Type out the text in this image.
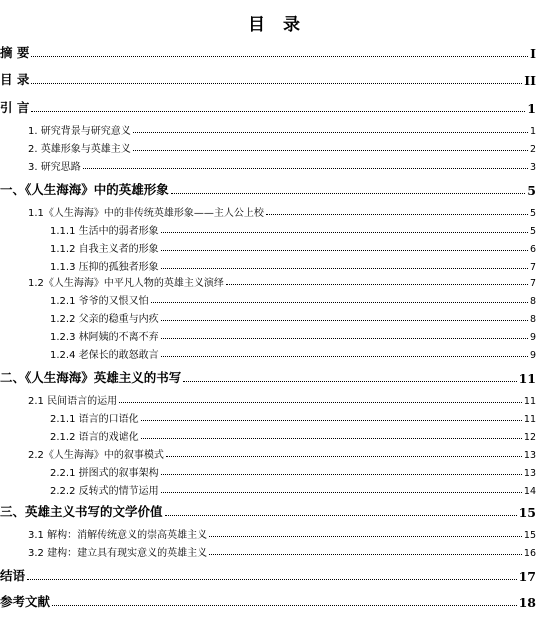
目 录
摘 要	I
目 录	II
引 言	1
1. 研究背景与研究意义	1
2. 英雄形象与英雄主义	2
3. 研究思路	3
一、《人生海海》中的英雄形象	5
1.1《人生海海》中的非传统英雄形象——主人公上校	5
1.1.1 生活中的弱者形象	5
1.1.2 自我主义者的形象	6
1.1.3 压抑的孤独者形象	7
1.2《人生海海》中平凡人物的英雄主义演绎	7
1.2.1 爷爷的又恨又怕	8
1.2.2 父亲的稳重与内疚	8
1.2.3 林阿姨的不离不弃	9
1.2.4 老保长的敢怒敢言	9
二、《人生海海》英雄主义的书写	11
2.1 民间语言的运用	11
2.1.1 语言的口语化	11
2.1.2 语言的戏谑化	12
2.2《人生海海》中的叙事模式	13
2.2.1 拼图式的叙事架构	13
2.2.2 反转式的情节运用	14
三、英雄主义书写的文学价值	15
3.1 解构：消解传统意义的崇高英雄主义	15
3.2 建构：建立具有现实意义的英雄主义	16
结语	17
参考文献	18
